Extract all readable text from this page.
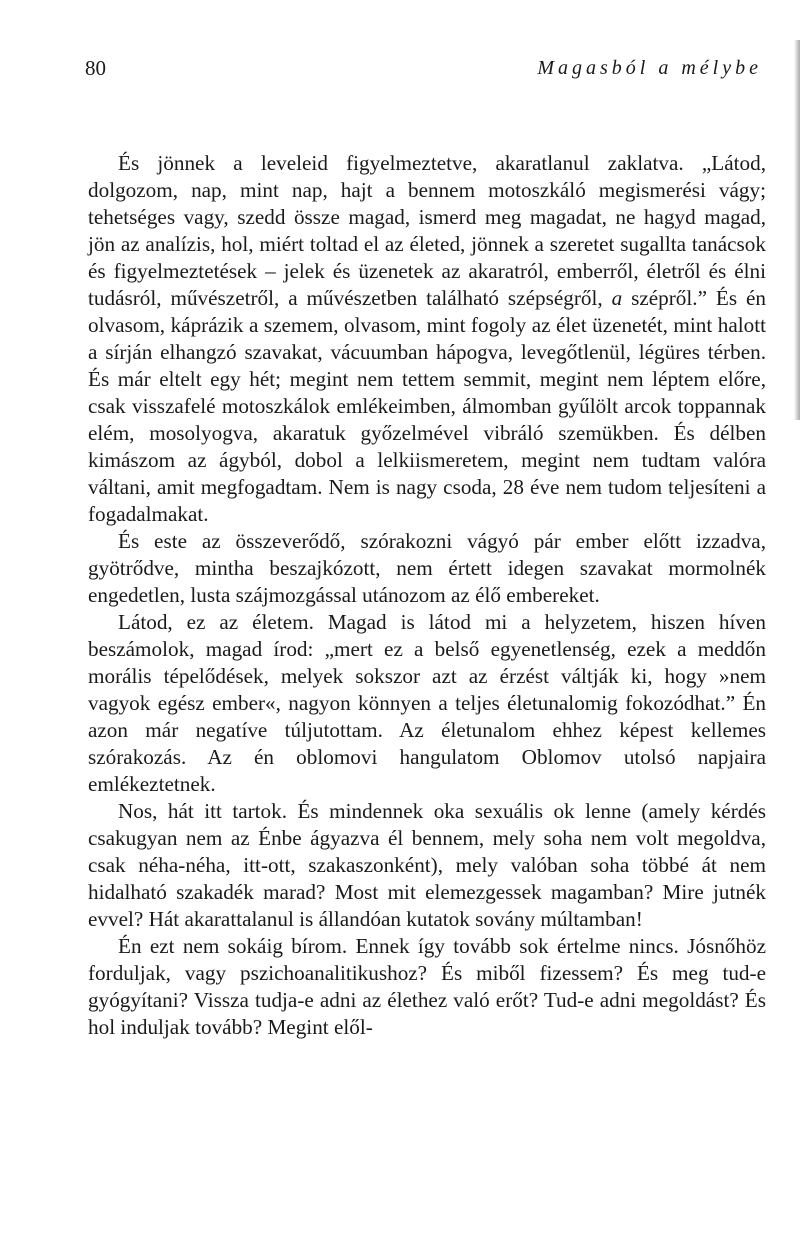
80	Magasból a mélybe

És jönnek a leveleid figyelmeztetve, akaratlanul zaklatva. „Látod, dolgozom, nap, mint nap, hajt a bennem motoszkáló megismerési vágy; tehetséges vagy, szedd össze magad, ismerd meg magadat, ne hagyd magad, jön az analízis, hol, miért toltad el az életed, jönnek a szeretet sugallta tanácsok és figyelmeztetések – jelek és üzenetek az akaratról, emberről, életről és élni tudásról, művészetről, a művészetben található szépségről, a szépről.” És én olvasom, káprázik a szemem, olvasom, mint fogoly az élet üzenetét, mint halott a sírján elhangzó szavakat, vácuumban hápogva, levegőtlenül, légüres térben. És már eltelt egy hét; megint nem tettem semmit, megint nem léptem előre, csak visszafelé motoszkálok emlékeimben, álmomban gyűlölt arcok toppannak elém, mosolyogva, akaratuk győzelmével vibráló szemükben. És délben kimászom az ágyból, dobol a lelkiismeretem, megint nem tudtam valóra váltani, amit megfogadtam. Nem is nagy csoda, 28 éve nem tudom teljesíteni a fogadalmakat.

És este az összeverődő, szórakozni vágyó pár ember előtt izzadva, gyötrődve, mintha beszajkózott, nem értett idegen szavakat mormolnék engedetlen, lusta szájmozgással utánozom az élő embereket.

Látod, ez az életem. Magad is látod mi a helyzetem, hiszen híven beszámolok, magad írod: „mert ez a belső egyenetlenség, ezek a meddőn morális tépelődések, melyek sokszor azt az érzést váltják ki, hogy »nem vagyok egész ember«, nagyon könnyen a teljes életunalomig fokozódhat.” Én azon már negatíve túljutottam. Az életunalom ehhez képest kellemes szórakozás. Az én oblomovi hangulatom Oblomov utolsó napjaira emlékeztetnek.

Nos, hát itt tartok. És mindennek oka sexuális ok lenne (amely kérdés csakugyan nem az Énbe ágyazva él bennem, mely soha nem volt megoldva, csak néha-néha, itt-ott, szakaszonként), mely valóban soha többé át nem hidalható szakadék marad? Most mit elemezgessek magamban? Mire jutnék evvel? Hát akarattalanul is állandóan kutatok sovány múltamban!

Én ezt nem sokáig bírom. Ennek így tovább sok értelme nincs. Jósnőhöz forduljak, vagy pszichoanalitikushoz? És miből fizessem? És meg tud-e gyógyítani? Vissza tudja-e adni az élethez való erőt? Tud-e adni megoldást? És hol induljak tovább? Megint elől-
